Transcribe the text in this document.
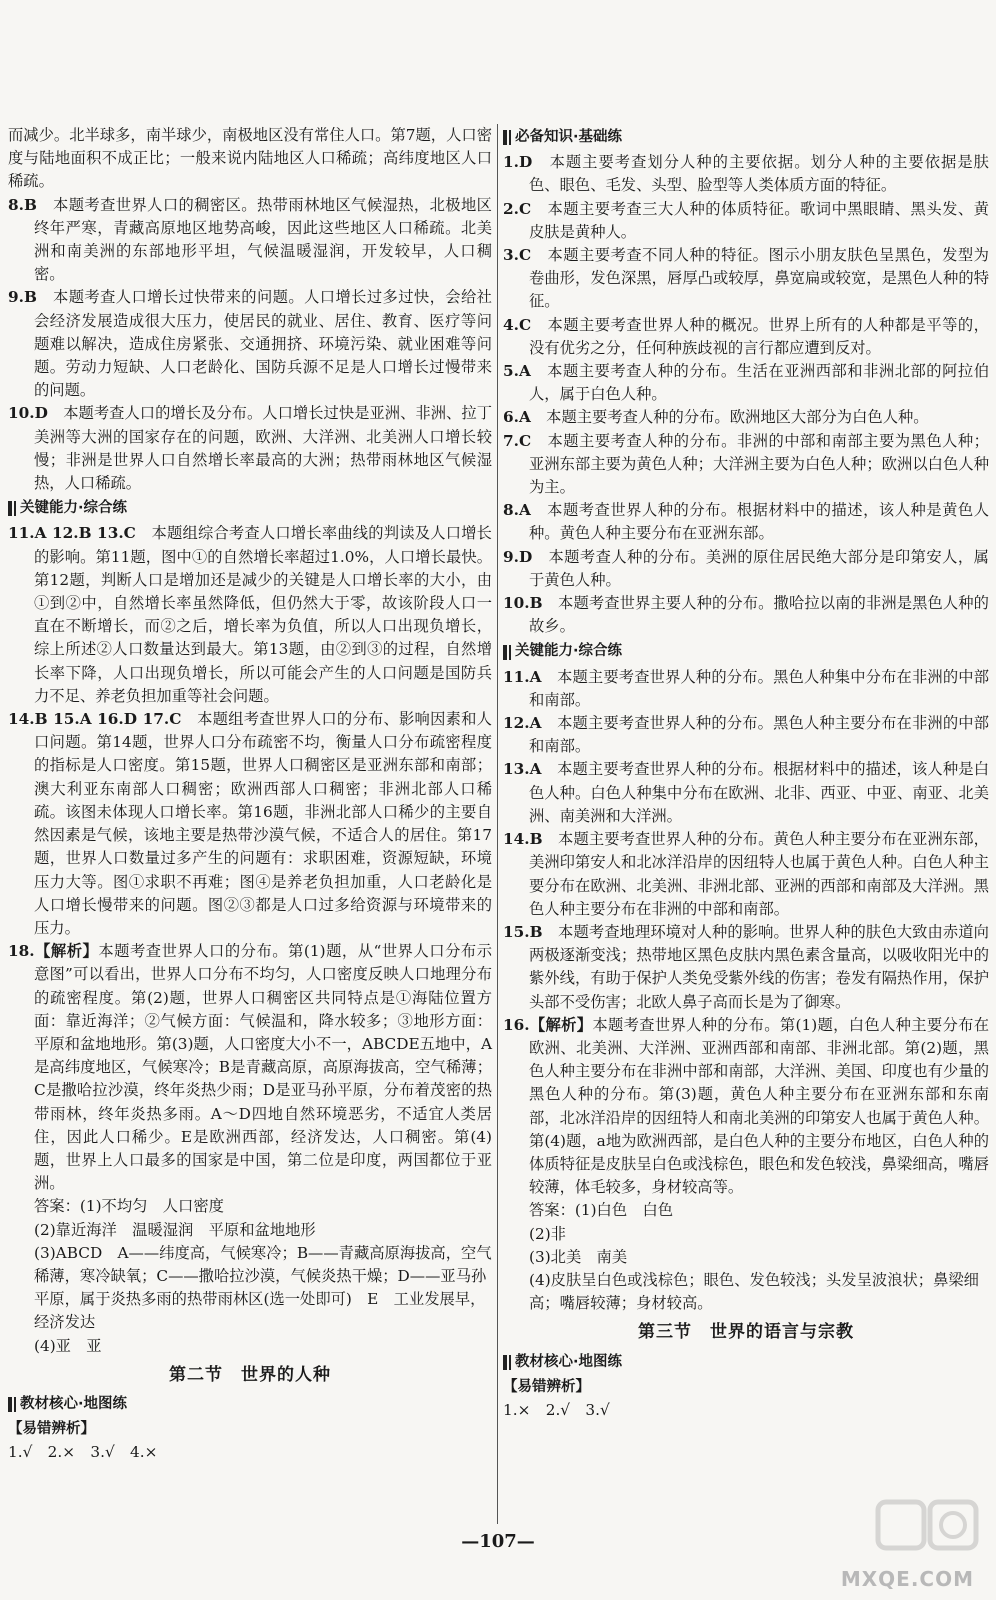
而减少。北半球多，南半球少，南极地区没有常住人口。第7题，人口密度与陆地面积不成正比；一般来说内陆地区人口稀疏；高纬度地区人口稀疏。

8.B　 本题考查世界人口的稠密区。热带雨林地区气候湿热，北极地区终年严寒，青藏高原地区地势高峻，因此这些地区人口稀疏。北美洲和南美洲的东部地形平坦，气候温暖湿润，开发较早，人口稠密。

9.B　 本题考查人口增长过快带来的问题。人口增长过多过快，会给社会经济发展造成很大压力，使居民的就业、居住、教育、医疗等问题难以解决，造成住房紧张、交通拥挤、环境污染、就业困难等问题。劳动力短缺、人口老龄化、国防兵源不足是人口增长过慢带来的问题。

10.D　 本题考查人口的增长及分布。人口增长过快是亚洲、非洲、拉丁美洲等大洲的国家存在的问题，欧洲、大洋洲、北美洲人口增长较慢；非洲是世界人口自然增长率最高的大洲；热带雨林地区气候湿热，人口稀疏。

关键能力·综合练

11.A 12.B 13.C　 本题组综合考查人口增长率曲线的判读及人口增长的影响。第11题，图中①的自然增长率超过1.0%，人口增长最快。第12题，判断人口是增加还是减少的关键是人口增长率的大小，由①到②中，自然增长率虽然降低，但仍然大于零，故该阶段人口一直在不断增长，而②之后，增长率为负值，所以人口出现负增长，综上所述②人口数量达到最大。第13题，由②到③的过程，自然增长率下降，人口出现负增长，所以可能会产生的人口问题是国防兵力不足、养老负担加重等社会问题。

14.B 15.A 16.D 17.C　 本题组考查世界人口的分布、影响因素和人口问题。第14题，世界人口分布疏密不均，衡量人口分布疏密程度的指标是人口密度。第15题，世界人口稠密区是亚洲东部和南部；澳大利亚东南部人口稠密；欧洲西部人口稠密；非洲北部人口稀疏。该图未体现人口增长率。第16题，非洲北部人口稀少的主要自然因素是气候，该地主要是热带沙漠气候，不适合人的居住。第17题，世界人口数量过多产生的问题有：求职困难，资源短缺，环境压力大等。图①求职不再难；图④是养老负担加重，人口老龄化是人口增长慢带来的问题。图②③都是人口过多给资源与环境带来的压力。

18.【解析】本题考查世界人口的分布。第(1)题，从“世界人口分布示意图”可以看出，世界人口分布不均匀，人口密度反映人口地理分布的疏密程度。第(2)题，世界人口稠密区共同特点是①海陆位置方面：靠近海洋；②气候方面：气候温和，降水较多；③地形方面：平原和盆地地形。第(3)题，人口密度大小不一，ABCDE五地中，A是高纬度地区，气候寒冷；B是青藏高原，高原海拔高，空气稀薄；C是撒哈拉沙漠，终年炎热少雨；D是亚马孙平原，分布着茂密的热带雨林，终年炎热多雨。A～D四地自然环境恶劣，不适宜人类居住，因此人口稀少。E是欧洲西部，经济发达，人口稠密。第(4)题，世界上人口最多的国家是中国，第二位是印度，两国都位于亚洲。

答案：(1)不均匀　人口密度

(2)靠近海洋　温暖湿润　平原和盆地地形

(3)ABCD　A——纬度高，气候寒冷；B——青藏高原海拔高，空气稀薄，寒冷缺氧；C——撒哈拉沙漠，气候炎热干燥；D——亚马孙平原，属于炎热多雨的热带雨林区(选一处即可)　E　工业发展早，经济发达

(4)亚　亚

第二节　世界的人种
教材核心·地图练

【易错辨析】

1.√　2.×　3.√　4.×

必备知识·基础练

1.D　 本题主要考查划分人种的主要依据。划分人种的主要依据是肤色、眼色、毛发、头型、脸型等人类体质方面的特征。

2.C　 本题主要考查三大人种的体质特征。歌词中黑眼睛、黑头发、黄皮肤是黄种人。

3.C　 本题主要考查不同人种的特征。图示小朋友肤色呈黑色，发型为卷曲形，发色深黑，唇厚凸或较厚，鼻宽扁或较宽，是黑色人种的特征。

4.C　 本题主要考查世界人种的概况。世界上所有的人种都是平等的，没有优劣之分，任何种族歧视的言行都应遭到反对。

5.A　 本题主要考查人种的分布。生活在亚洲西部和非洲北部的阿拉伯人，属于白色人种。

6.A　 本题主要考查人种的分布。欧洲地区大部分为白色人种。

7.C　 本题主要考查人种的分布。非洲的中部和南部主要为黑色人种；亚洲东部主要为黄色人种；大洋洲主要为白色人种；欧洲以白色人种为主。

8.A　 本题考查世界人种的分布。根据材料中的描述，该人种是黄色人种。黄色人种主要分布在亚洲东部。

9.D　 本题考查人种的分布。美洲的原住居民绝大部分是印第安人，属于黄色人种。

10.B　 本题考查世界主要人种的分布。撒哈拉以南的非洲是黑色人种的故乡。

关键能力·综合练

11.A　 本题主要考查世界人种的分布。黑色人种集中分布在非洲的中部和南部。

12.A　 本题主要考查世界人种的分布。黑色人种主要分布在非洲的中部和南部。

13.A　 本题主要考查世界人种的分布。根据材料中的描述，该人种是白色人种。白色人种集中分布在欧洲、北非、西亚、中亚、南亚、北美洲、南美洲和大洋洲。

14.B　 本题主要考查世界人种的分布。黄色人种主要分布在亚洲东部，美洲印第安人和北冰洋沿岸的因纽特人也属于黄色人种。白色人种主要分布在欧洲、北美洲、非洲北部、亚洲的西部和南部及大洋洲。黑色人种主要分布在非洲的中部和南部。

15.B　 本题考查地理环境对人种的影响。世界人种的肤色大致由赤道向两极逐渐变浅；热带地区黑色皮肤内黑色素含量高，以吸收阳光中的紫外线，有助于保护人类免受紫外线的伤害；卷发有隔热作用，保护头部不受伤害；北欧人鼻子高而长是为了御寒。

16.【解析】本题考查世界人种的分布。第(1)题，白色人种主要分布在欧洲、北美洲、大洋洲、亚洲西部和南部、非洲北部。第(2)题，黑色人种主要分布在非洲中部和南部，大洋洲、美国、印度也有少量的黑色人种的分布。第(3)题，黄色人种主要分布在亚洲东部和东南部，北冰洋沿岸的因纽特人和南北美洲的印第安人也属于黄色人种。第(4)题，a地为欧洲西部，是白色人种的主要分布地区，白色人种的体质特征是皮肤呈白色或浅棕色，眼色和发色较浅，鼻梁细高，嘴唇较薄，体毛较多，身材较高等。

答案：(1)白色　白色

(2)非

(3)北美　南美

(4)皮肤呈白色或浅棕色；眼色、发色较浅；头发呈波浪状；鼻梁细高；嘴唇较薄；身材较高。

第三节　世界的语言与宗教
教材核心·地图练

【易错辨析】

1.×　2.√　3.√

—107—
MXQE.COM
